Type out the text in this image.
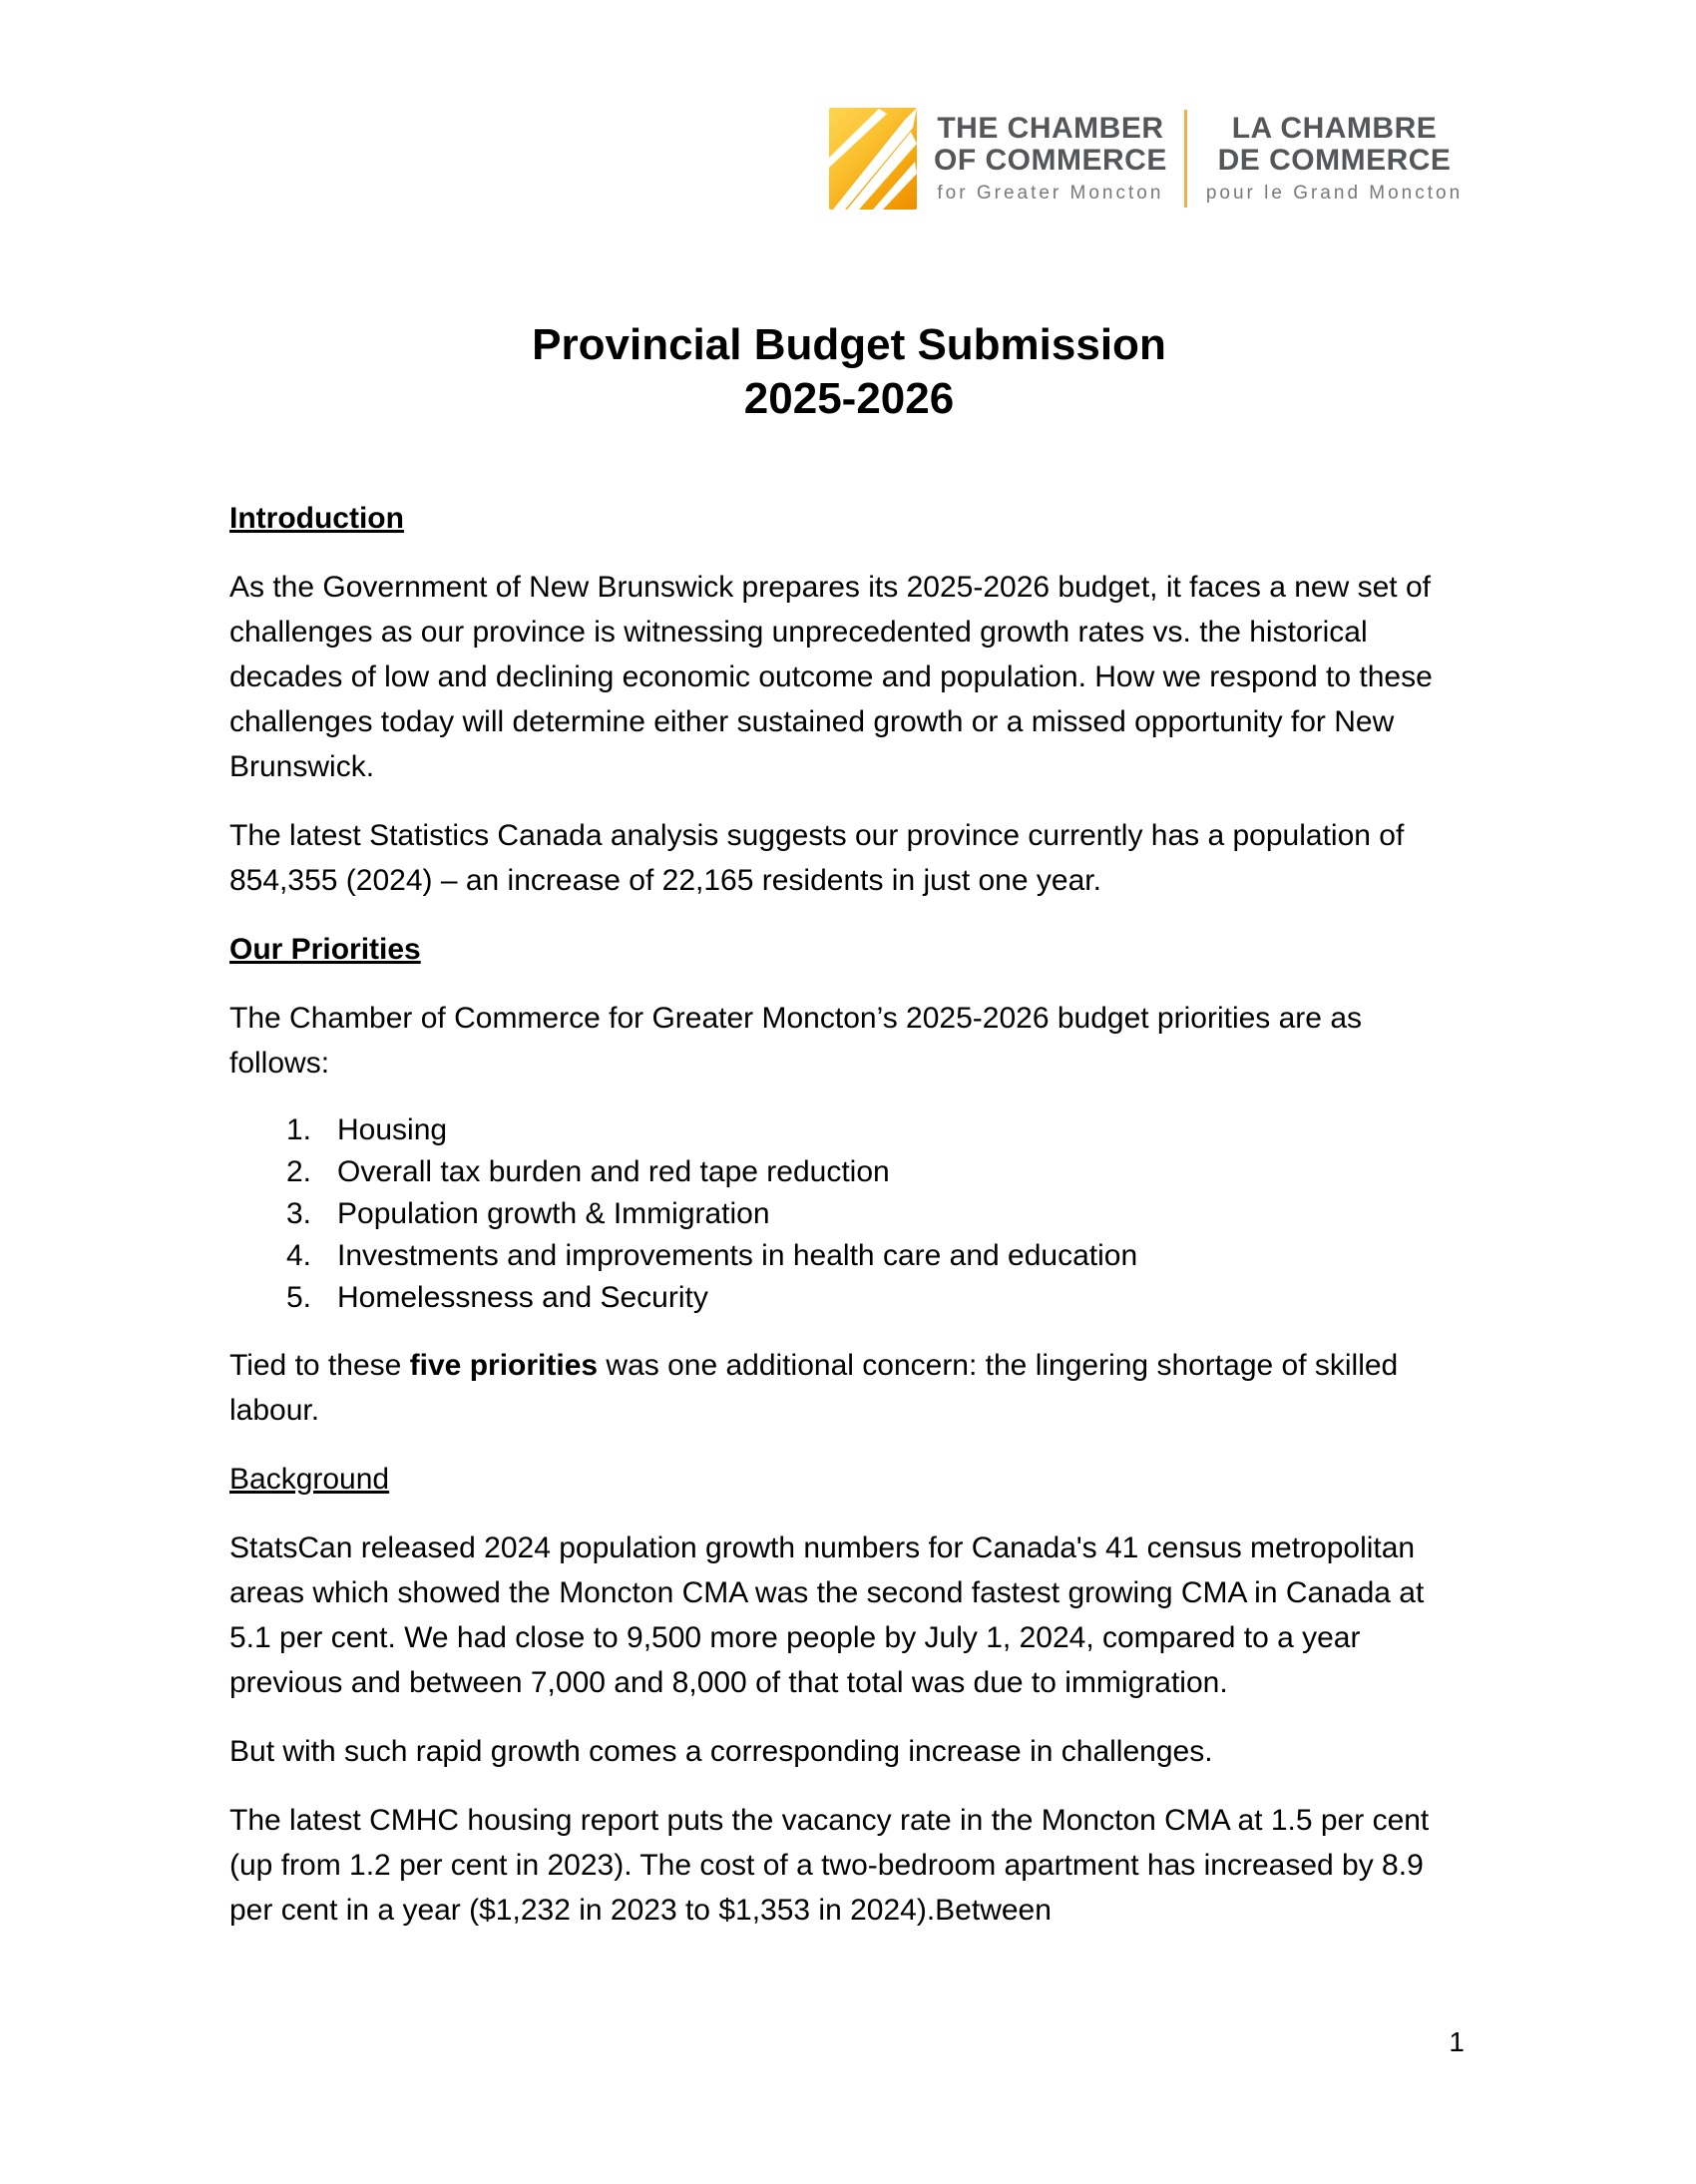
THE CHAMBER
OF COMMERCE
for Greater Moncton
LA CHAMBRE
DE COMMERCE
pour le Grand Moncton
Provincial Budget Submission
2025-2026
Introduction

As the Government of New Brunswick prepares its 2025-2026 budget, it faces a new set of challenges as our province is witnessing unprecedented growth rates vs. the historical decades of low and declining economic outcome and population. How we respond to these challenges today will determine either sustained growth or a missed opportunity for New Brunswick.

The latest Statistics Canada analysis suggests our province currently has a population of 854,355 (2024) – an increase of 22,165 residents in just one year.

Our Priorities

The Chamber of Commerce for Greater Moncton’s 2025-2026 budget priorities are as follows:

1. Housing
2. Overall tax burden and red tape reduction
3. Population growth & Immigration
4. Investments and improvements in health care and education
5. Homelessness and Security

Tied to these five priorities was one additional concern: the lingering shortage of skilled labour.

Background

StatsCan released 2024 population growth numbers for Canada's 41 census metropolitan areas which showed the Moncton CMA was the second fastest growing CMA in Canada at 5.1 per cent. We had close to 9,500 more people by July 1, 2024, compared to a year previous and between 7,000 and 8,000 of that total was due to immigration.

But with such rapid growth comes a corresponding increase in challenges.

The latest CMHC housing report puts the vacancy rate in the Moncton CMA at 1.5 per cent (up from 1.2 per cent in 2023). The cost of a two-bedroom apartment has increased by 8.9 per cent in a year ($1,232 in 2023 to $1,353 in 2024).Between

1
